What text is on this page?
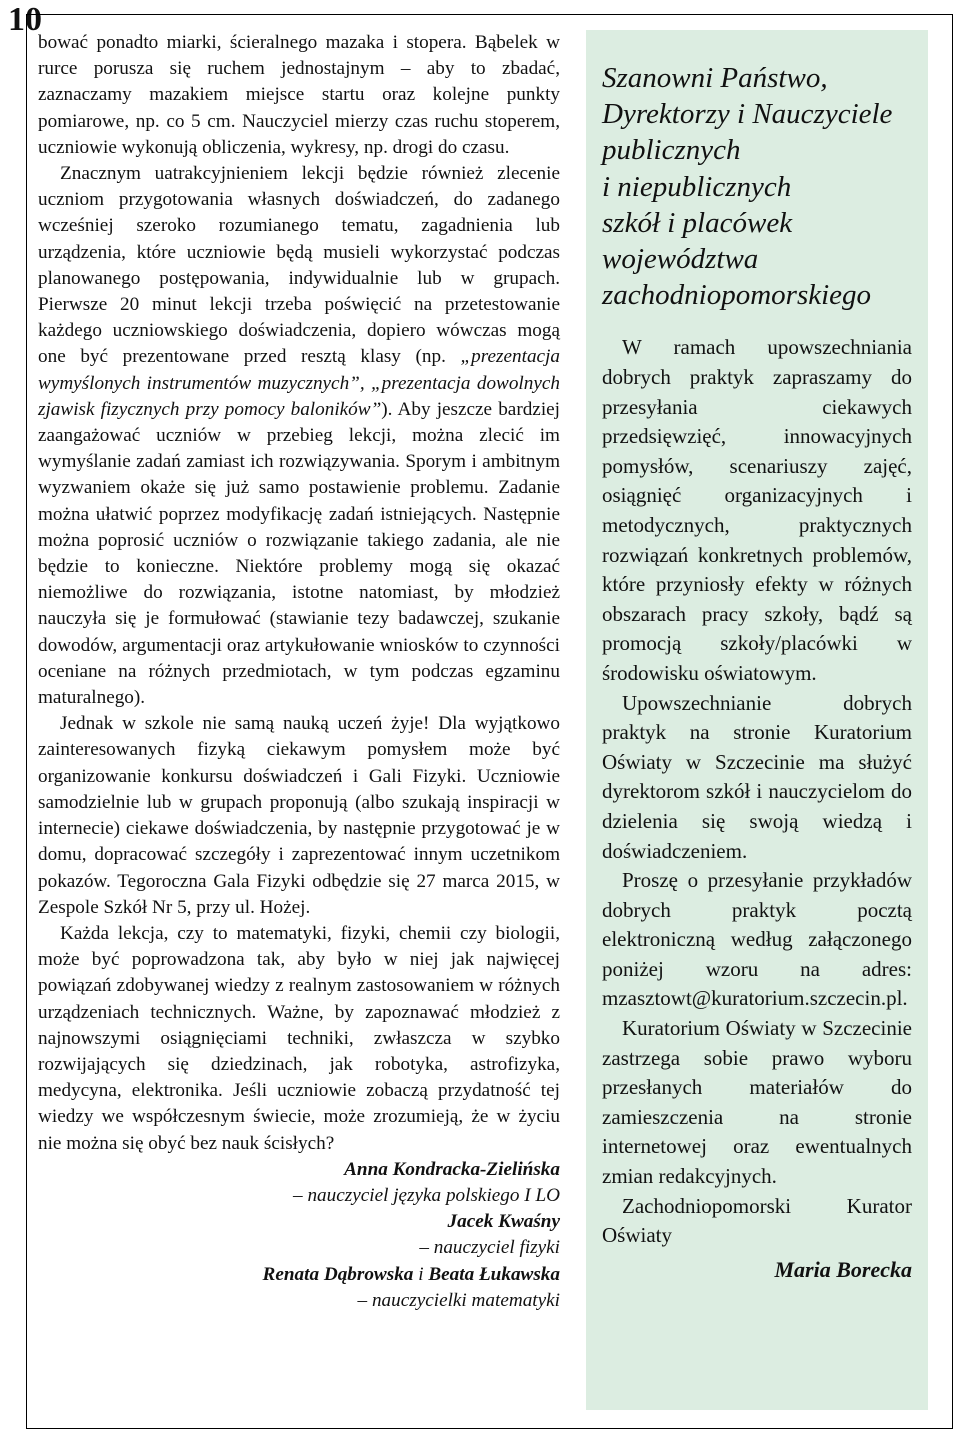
10

bować ponadto miarki, ścieralnego mazaka i stopera. Bąbelek w rurce porusza się ruchem jednostajnym – aby to zbadać, zaznaczamy mazakiem miejsce startu oraz kolejne punkty pomiarowe, np. co 5 cm. Nauczyciel mierzy czas ruchu stoperem, uczniowie wykonują obliczenia, wykresy, np. drogi do czasu.

Znacznym uatrakcyjnieniem lekcji będzie również zlecenie uczniom przygotowania własnych doświadczeń, do zadanego wcześniej szeroko rozumianego tematu, zagadnienia lub urządzenia, które uczniowie będą musieli wykorzystać podczas planowanego postępowania, indywidualnie lub w grupach. Pierwsze 20 minut lekcji trzeba poświęcić na przetestowanie każdego uczniowskiego doświadczenia, dopiero wówczas mogą one być prezentowane przed resztą klasy (np. „prezentacja wymyślonych instrumentów muzycznych”, „prezentacja dowolnych zjawisk fizycznych przy pomocy baloników”). Aby jeszcze bardziej zaangażować uczniów w przebieg lekcji, można zlecić im wymyślanie zadań zamiast ich rozwiązywania. Sporym i ambitnym wyzwaniem okaże się już samo postawienie problemu. Zadanie można ułatwić poprzez modyfikację zadań istniejących. Następnie można poprosić uczniów o rozwiązanie takiego zadania, ale nie będzie to konieczne. Niektóre problemy mogą się okazać niemożliwe do rozwiązania, istotne natomiast, by młodzież nauczyła się je formułować (stawianie tezy badawczej, szukanie dowodów, argumentacji oraz artykułowanie wniosków to czynności oceniane na różnych przedmiotach, w tym podczas egzaminu maturalnego).

Jednak w szkole nie samą nauką uczeń żyje! Dla wyjątkowo zainteresowanych fizyką ciekawym pomysłem może być organizowanie konkursu doświadczeń i Gali Fizyki. Uczniowie samodzielnie lub w grupach proponują (albo szukają inspiracji w internecie) ciekawe doświadczenia, by następnie przygotować je w domu, dopracować szczegóły i zaprezentować innym uczetnikom pokazów. Tegoroczna Gala Fizyki odbędzie się 27 marca 2015, w Zespole Szkół Nr 5, przy ul. Hożej.

Każda lekcja, czy to matematyki, fizyki, chemii czy biologii, może być poprowadzona tak, aby było w niej jak najwięcej powiązań zdobywanej wiedzy z realnym zastosowaniem w różnych urządzeniach technicznych. Ważne, by zapoznawać młodzież z najnowszymi osiągnięciami techniki, zwłaszcza w szybko rozwijających się dziedzinach, jak robotyka, astrofizyka, medycyna, elektronika. Jeśli uczniowie zobaczą przydatność tej wiedzy we współczesnym świecie, może zrozumieją, że w życiu nie można się obyć bez nauk ścisłych?

Anna Kondracka-Zielińska
– nauczyciel języka polskiego I LO
Jacek Kwaśny
– nauczyciel fizyki
Renata Dąbrowska i Beata Łukawska
– nauczycielki matematyki
Szanowni Państwo,
Dyrektorzy i Nauczyciele
publicznych
i niepublicznych
szkół i placówek
województwa
zachodniopomorskiego

W ramach upowszechniania dobrych praktyk zapraszamy do przesyłania ciekawych przedsięwzięć, innowacyjnych pomysłów, scenariuszy zajęć, osiągnięć organizacyjnych i metodycznych, praktycznych rozwiązań konkretnych problemów, które przyniosły efekty w różnych obszarach pracy szkoły, bądź są promocją szkoły/placówki w środowisku oświatowym.

Upowszechnianie dobrych praktyk na stronie Kuratorium Oświaty w Szczecinie ma służyć dyrektorom szkół i nauczycielom do dzielenia się swoją wiedzą i doświadczeniem.

Proszę o przesyłanie przykładów dobrych praktyk pocztą elektroniczną według załączonego poniżej wzoru na adres: mzasztowt@kuratorium.szczecin.pl.

Kuratorium Oświaty w Szczecinie zastrzega sobie prawo wyboru przesłanych materiałów do zamieszczenia na stronie internetowej oraz ewentualnych zmian redakcyjnych.

Zachodniopomorski Kurator Oświaty

Maria Borecka
